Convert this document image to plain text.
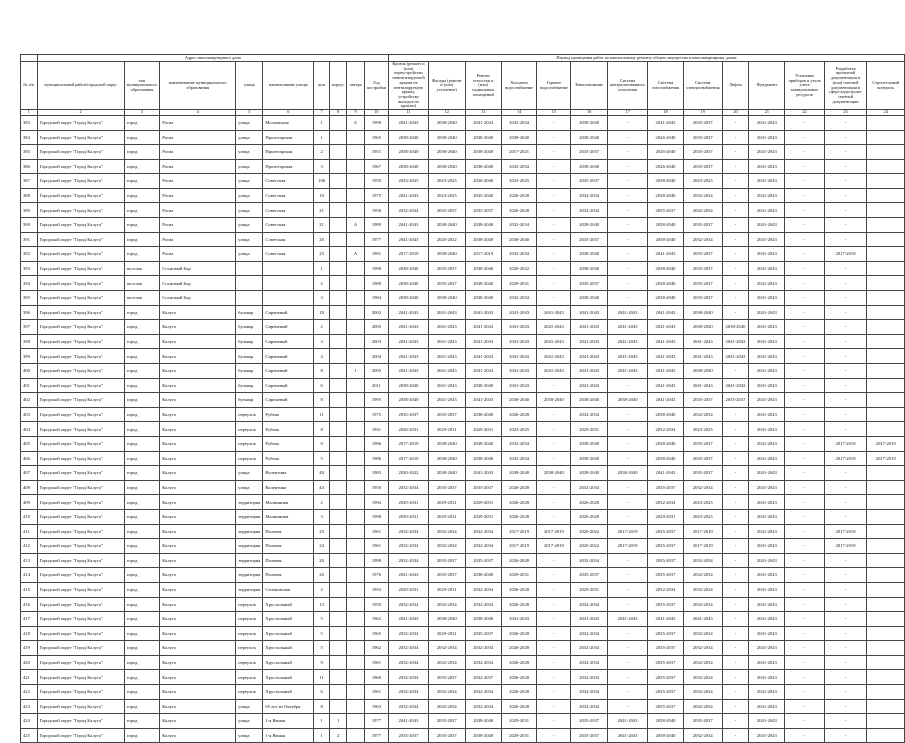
	Адрес многоквартирного дома									Период проведения работ по капитальному ремонту общего имущества в многоквартирных домах													
№ п/п	муниципальный район/городской округ	тип муниципального образования	наименование муниципального образования	улица	наименование улицы	дом	корпус	литера	Год постройки	Кровля (ремонт и (или) переустройство невентилируемой крыши на вентилируемую крышу, устройство выходов на кровлю)	Фасады (ремонт и (или) утепление)	Ремонт отмостки и (или) подвальных помещений	Холодное водоснабжение	Горячее водоснабжение	Канализование	Система централизованного отопления	Система газоснабжения	Система электроснабжения	Лифты	Фундамент	Установка приборов и узлов учета коммунальных ресурсов	Разработка проектной документации и (или) сметной документации в сфере кадастрово-сметной документации	Строительный контроль
1	2	3	4	5	6	7	8	9	10	11	12	13	14	15	16	17	18	19	20	21	22	23	24
383	Городской округ "Город Калуга"	город	Росва	улица	Московская	1		Б	1990	2041-2043	2038-2040	2041-2043	2032-2034	-	2038-2040	-	2041-2043	2035-2037	-	2041-2043	-	-	
384	Городской округ "Город Калуга"	город	Росва	улица	Пролетарская	1			1965	2038-2040	2038-2040	2038-2040	2038-2040	-	2038-2040	-	2026-2040	2035-2037	-	2041-2043	-	-	
385	Городской округ "Город Калуга"	город	Росва	улица	Пролетарская	2			1951	2038-2040	2038-2040	2038-2040	2017-2021	-	2035-2037	-	2026-2040	2035-2037	-	2041-2043	-	-	
386	Городской округ "Город Калуга"	город	Росва	улица	Пролетарская	3			1967	2038-2040	2038-2040	2038-2040	2032-2034	-	2038-2040	-	2026-2040	2035-2037	-	2041-2043	-	-	
387	Городской округ "Город Калуга"	город	Росва	улица	Советская	106			1950	2023-2025	2023-2025	2026-2040	2023-2025	-	2035-2037	-	2038-2040	2023-2025	-	2041-2043	-	-	
388	Городской округ "Город Калуга"	город	Росва	улица	Советская	10			1975	2041-2043	2023-2025	2035-2040	2026-2028	-	2032-2034	-	2038-2040	2032-2034	-	2041-2043	-	-	
389	Городской округ "Город Калуга"	город	Росва	улица	Советская	21			1958	2032-2034	2035-2037	2035-2037	2026-2028	-	2032-2034	-	2035-2037	2032-2034	-	2041-2043	-	-	
390	Городской округ "Город Калуга"	город	Росва	улица	Советская	21		А	1989	2041-2043	2038-2040	2038-2040	2032-2034	-	2038-2040	-	2038-2040	2035-2037	-	2041-2043	-	-	
391	Городской округ "Город Калуга"	город	Росва	улица	Советская	20			1977	2041-2043	2020-2022	2038-2040	2038-2040	-	2035-2037	-	2038-2040	2032-2034	-	2041-2043	-	-	
392	Городской округ "Город Калуга"	город	Росва	улица	Советская	25		А	1991	2017-2019	2038-2040	2017-2019	2032-2034	-	2038-2040	-	2041-2043	2035-2037	-	2041-2043	-	2017-2019	
393	Городской округ "Город Калуга"	поселок	Сосновый Бор			1			1990	2038-2040	2035-2037	2038-2040	2020-2022	-	2038-2040	-	2038-2040	2035-2037	-	2041-2043	-	-	
394	Городской округ "Город Калуга"	поселок	Сосновый Бор			2			1980	2038-2040	2035-2037	2038-2040	2029-2031	-	2035-2037	-	2038-2040	2035-2037	-	2041-2043	-	-	
395	Городской округ "Город Калуга"	поселок	Сосновый Бор			3			1984	2038-2040	2038-2040	2038-2040	2032-2034	-	2038-2040	-	2038-2040	2035-2037	-	2041-2043	-	-	
396	Городской округ "Город Калуга"	город	Калуга	бульвар	Сиреневый	18			2002	2041-2043	2041-2043	2041-2043	2041-2043	2041-2043	2041-2043	2041-2043	2041-2043	2038-2040	-	2041-2043	-	-	
397	Городской округ "Город Калуга"	город	Калуга	бульвар	Сиреневый	2			2005	2041-2043	2041-2043	2041-2043	2041-2043	2041-2043	2041-2043	2041-2043	2041-2043	2038-2040	2038-2040	2041-2043	-	-	
398	Городской округ "Город Калуга"	город	Калуга	бульвар	Сиреневый	3			2003	2041-2043	2041-2043	2041-2043	2041-2043	2041-2043	2041-2043	2041-2043	2041-2043	2041-2043	2041-2043	2041-2043	-	-	
399	Городской округ "Город Калуга"	город	Калуга	бульвар	Сиреневый	4			2004	2041-2043	2041-2043	2041-2043	2041-2043	2041-2043	2041-2043	2041-2043	2041-2043	2041-2043	2041-2043	2041-2043	-	-	
400	Городской округ "Город Калуга"	город	Калуга	бульвар	Сиреневый	8		1	2005	2041-2043	2041-2043	2041-2043	2041-2043	2041-2043	2041-2043	2041-2043	2041-2043	2038-2040	-	2041-2043	-	-	
401	Городской округ "Город Калуга"	город	Калуга	бульвар	Сиреневый	6			2011	2038-2040	2041-2043	2038-2040	2041-2043	-	2041-2043	-	2041-2043	2041-2043	2041-2043	2041-2043	-	-	
402	Городской округ "Город Калуга"	город	Калуга	бульвар	Сиреневый	8			1995	2038-2040	2041-2043	2041-2043	2038-2040	2038-2040	2038-2040	2038-2040	2041-2043	2035-2037	2035-2037	2041-2043	-	-	
403	Городской округ "Город Калуга"	город	Калуга	переулок	Рубена	11			1975	2035-2037	2035-2037	2038-2040	2026-2028	-	2032-2034	-	2038-2040	2032-2034	-	2041-2043	-	-	
404	Городской округ "Город Калуга"	город	Калуга	переулок	Рубена	8			1931	2026-2031	2029-2031	2029-2031	2023-2025	-	2029-2031	-	2032-2034	2023-2025	-	2041-2043	-	-	
405	Городской округ "Город Калуга"	город	Калуга	переулок	Рубена	9			1986	2017-2019	2038-2040	2038-2040	2032-2034	-	2038-2040	-	2038-2040	2035-2037	-	2041-2043	-	2017-2019	2017-2019
406	Городской округ "Город Калуга"	город	Калуга	переулок	Рубена	5			1986	2017-2019	2038-2040	2038-2040	2032-2034	-	2038-2040	-	2038-2040	2035-2037	-	2041-2043	-	2017-2019	2017-2019
407	Городской округ "Город Калуга"	город	Калуга	улица	Валентина	40			1983	2020-2022	2038-2040	2041-2043	2038-2040	2038-2040	2038-2040	2038-2040	2041-2043	2035-2037	-	2041-2043	-	-	
408	Городской округ "Город Калуга"	город	Калуга	улица	Валентина	44			1950	2032-2034	2035-2037	2035-2037	2026-2028	-	2032-2034	-	2035-2037	2032-2034	-	2041-2043	-	-	
409	Городской округ "Город Калуга"	город	Калуга	территория	Малинники	2			1994	2029-2031	2029-2031	2029-2031	2026-2028	-	2026-2028	-	2032-2034	2023-2025	-	2041-2043	-	-	
410	Городской округ "Город Калуга"	город	Калуга	территория	Малинники	3			1998	2029-2031	2029-2031	2029-2031	2026-2028	-	2026-2028	-	2029-2031	2023-2025	-	2041-2043	-	-	
411	Городской округ "Город Калуга"	город	Калуга	территория	Полевая	25			1961	2032-2034	2032-2034	2032-2034	2017-2019	2017-2019	2020-2022	2017-2019	2035-2037	2017-2019	-	2041-2043	-	2017-2019	
412	Городской округ "Город Калуга"	город	Калуга	территория	Полевая	24			1961	2032-2034	2032-2034	2032-2034	2017-2019	2017-2019	2020-2022	2017-2019	2035-2037	2017-2019	-	2041-2043	-	2017-2019	
413	Городской округ "Город Калуга"	город	Калуга	территория	Полевая	20			1998	2032-2034	2035-2037	2035-2037	2026-2028	-	2032-2034	-	2035-2037	2032-2034	-	2041-2043	-	-	
414	Городской округ "Город Калуга"	город	Калуга	территория	Полевая	26			1976	2041-2043	2035-2037	2038-2040	2029-2031	-	2035-2037	-	2035-2037	2032-2034	-	2041-2043	-	-	
415	Городской округ "Город Калуга"	город	Калуга	территория	Сеченовская	2			1953	2029-2031	2029-2031	2032-2034	2026-2028	-	2029-2031	-	2032-2034	2032-2034	-	2041-2043	-	-	
416	Городской округ "Город Калуга"	город	Калуга	переулок	Хрустальный	13			1950	2032-2034	2032-2034	2032-2034	2026-2028	-	2032-2034	-	2035-2037	2032-2034	-	2041-2043	-	-	
417	Городской округ "Город Калуга"	город	Калуга	переулок	Хрустальный	5			1962	2041-2043	2038-2040	2038-2040	2041-2043	-	2041-2043	2041-2043	2041-2043	2041-2043	-	2041-2043	-	-	
418	Городской округ "Город Калуга"	город	Калуга	переулок	Хрустальный	5			1965	2032-2034	2029-2031	2035-2037	2026-2028	-	2032-2034	-	2035-2037	2032-2034	-	2041-2043	-	-	
419	Городской округ "Город Калуга"	город	Калуга	переулок	Хрустальный	5			1962	2032-2034	2032-2034	2032-2034	2026-2028	-	2032-2034	-	2035-2037	2032-2034	-	2041-2043	-	-	
420	Городской округ "Город Калуга"	город	Калуга	переулок	Хрустальный	9			1961	2032-2034	2032-2034	2032-2034	2026-2028	-	2032-2034	-	2035-2037	2032-2034	-	2041-2043	-	-	
421	Городской округ "Город Калуга"	город	Калуга	переулок	Хрустальный	11			1960	2032-2034	2035-2037	2032-2037	2026-2028	-	2032-2034	-	2035-2037	2032-2034	-	2041-2043	-	-	
422	Городской округ "Город Калуга"	город	Калуга	переулок	Хрустальный	6			1961	2032-2034	2032-2034	2032-2034	2026-2028	-	2032-2034	-	2035-2037	2032-2034	-	2041-2043	-	-	
423	Городской округ "Город Калуга"	город	Калуга	улица	65 лет из Октября	8			1963	2032-2034	2032-2034	2032-2034	2026-2028	-	2032-2034	-	2035-2037	2032-2034	-	2041-2043	-	-	
424	Городской округ "Город Калуга"	город	Калуга	улица	1-я Ямная	1	1		1977	2041-2043	2035-2037	2038-2040	2029-2031	-	2035-2037	2041-2043	2038-2040	2035-2037	-	2041-2043	-	-	
425	Городской округ "Город Калуга"	город	Калуга	улица	1-я Ямная	1	2		1977	2035-2037	2035-2037	2038-2040	2029-2031	-	2035-2037	2041-2043	2038-2040	2032-2034	-	2041-2043	-	-	
